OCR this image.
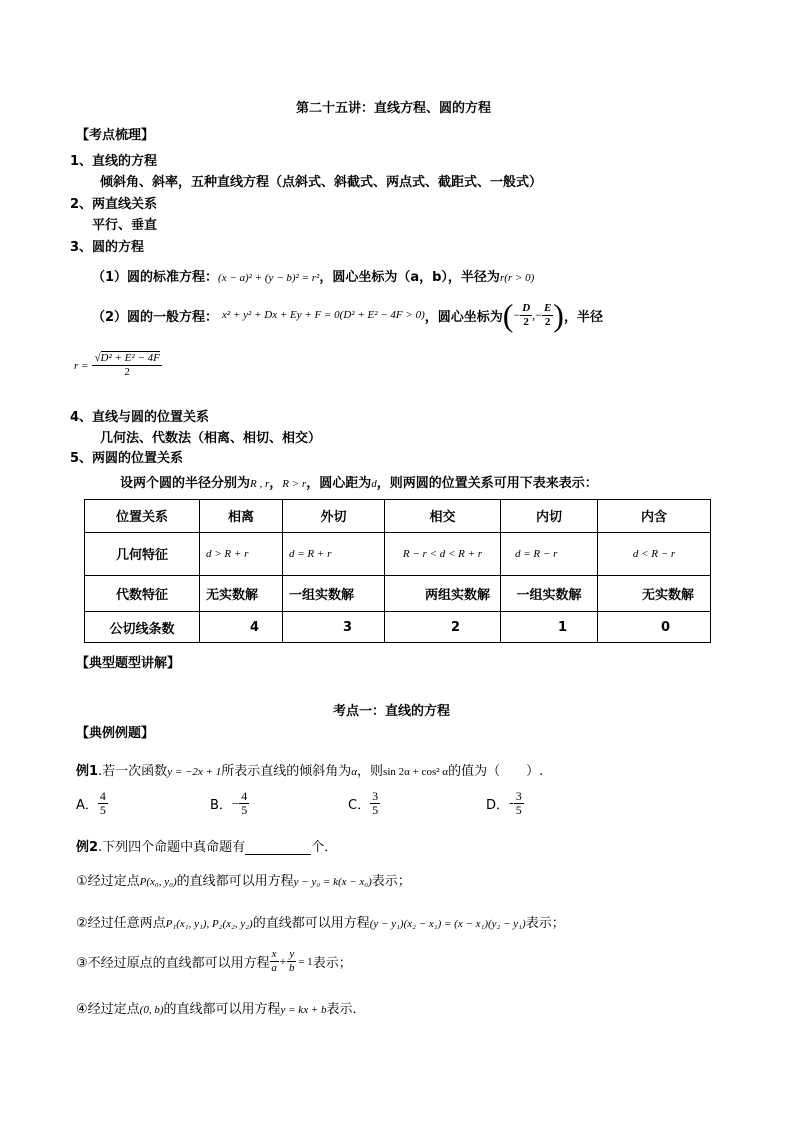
第二十五讲：直线方程、圆的方程
【考点梳理】
1、直线的方程
倾斜角、斜率，五种直线方程（点斜式、斜截式、两点式、截距式、一般式）
2、两直线关系
平行、垂直
3、圆的方程
（1）圆的标准方程：(x − a)² + (y − b)² = r²，圆心坐标为（a，b），半径为r(r > 0)
（2）圆的一般方程： x² + y² + Dx + Ey + F = 0(D² + E² − 4F > 0) ，圆心坐标为 ( − $\frac{D}{2}$ ,− $\frac{E}{2}$ ) ，半径
$r = \frac{\text{√D² + E² − 4F}}{2}$
4、直线与圆的位置关系
几何法、代数法（相离、相切、相交）
5、两圆的位置关系
设两个圆的半径分别为R , r，R > r，圆心距为d，则两圆的位置关系可用下表来表示：
位置关系	相离	外切	相交	内切	内含
几何特征	d > R + r	d = R + r	R − r < d < R + r	d = R − r	d < R − r
代数特征	无实数解	一组实数解	两组实数解	一组实数解	无实数解
公切线条数	4	3	2	1	0
【典型题型讲解】
考点一：直线的方程
【典例例题】
例1.若一次函数y = −2x + 1所表示直线的倾斜角为α，则sin 2α + cos² α的值为（　　）.
A． $\frac{4}{5}$	B． − $\frac{4}{5}$	C． $\frac{3}{5}$	D． - $\frac{3}{5}$
例2.下列四个命题中真命题有	个．
①经过定点P(x₀, y₀)的直线都可以用方程y − y₀ = k(x − x₀)表示；
②经过任意两点P₁(x₁, y₁), P₂(x₂, y₂)的直线都可以用方程(y − y₁)(x₂ − x₁) = (x − x₁)(y₂ − y₁)表示；
③不经过原点的直线都可以用方程 $\frac{x}{a} + \frac{y}{b} = 1$ 表示；
④经过定点(0, b)的直线都可以用方程y = kx + b表示．
